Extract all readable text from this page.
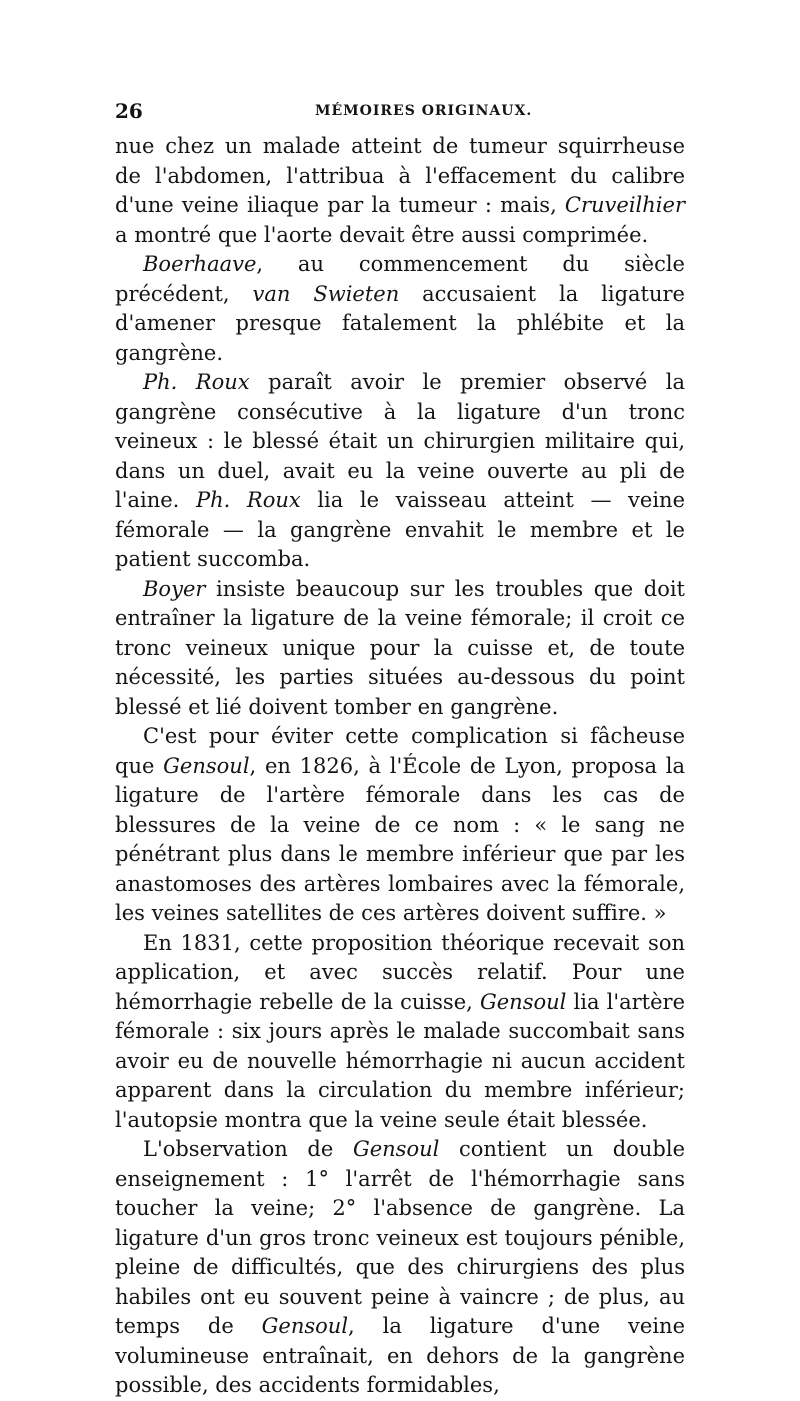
26	MÉMOIRES ORIGINAUX.

nue chez un malade atteint de tumeur squirrheuse de l'abdomen, l'attribua à l'effacement du calibre d'une veine iliaque par la tumeur : mais, Cruveilhier a montré que l'aorte devait être aussi comprimée.

Boerhaave, au commencement du siècle précédent, van Swieten accusaient la ligature d'amener presque fatalement la phlébite et la gangrène.

Ph. Roux paraît avoir le premier observé la gangrène consécutive à la ligature d'un tronc veineux : le blessé était un chirurgien militaire qui, dans un duel, avait eu la veine ouverte au pli de l'aine. Ph. Roux lia le vaisseau atteint — veine fémorale — la gangrène envahit le membre et le patient succomba.

Boyer insiste beaucoup sur les troubles que doit entraîner la ligature de la veine fémorale; il croit ce tronc veineux unique pour la cuisse et, de toute nécessité, les parties situées au-dessous du point blessé et lié doivent tomber en gangrène.

C'est pour éviter cette complication si fâcheuse que Gensoul, en 1826, à l'École de Lyon, proposa la ligature de l'artère fémorale dans les cas de blessures de la veine de ce nom : « le sang ne pénétrant plus dans le membre inférieur que par les anastomoses des artères lombaires avec la fémorale, les veines satellites de ces artères doivent suffire. »

En 1831, cette proposition théorique recevait son application, et avec succès relatif. Pour une hémorrhagie rebelle de la cuisse, Gensoul lia l'artère fémorale : six jours après le malade succombait sans avoir eu de nouvelle hémorrhagie ni aucun accident apparent dans la circulation du membre inférieur; l'autopsie montra que la veine seule était blessée.

L'observation de Gensoul contient un double enseignement : 1° l'arrêt de l'hémorrhagie sans toucher la veine; 2° l'absence de gangrène. La ligature d'un gros tronc veineux est toujours pénible, pleine de difficultés, que des chirurgiens des plus habiles ont eu souvent peine à vaincre ; de plus, au temps de Gensoul, la ligature d'une veine volumineuse entraînait, en dehors de la gangrène possible, des accidents formidables,
